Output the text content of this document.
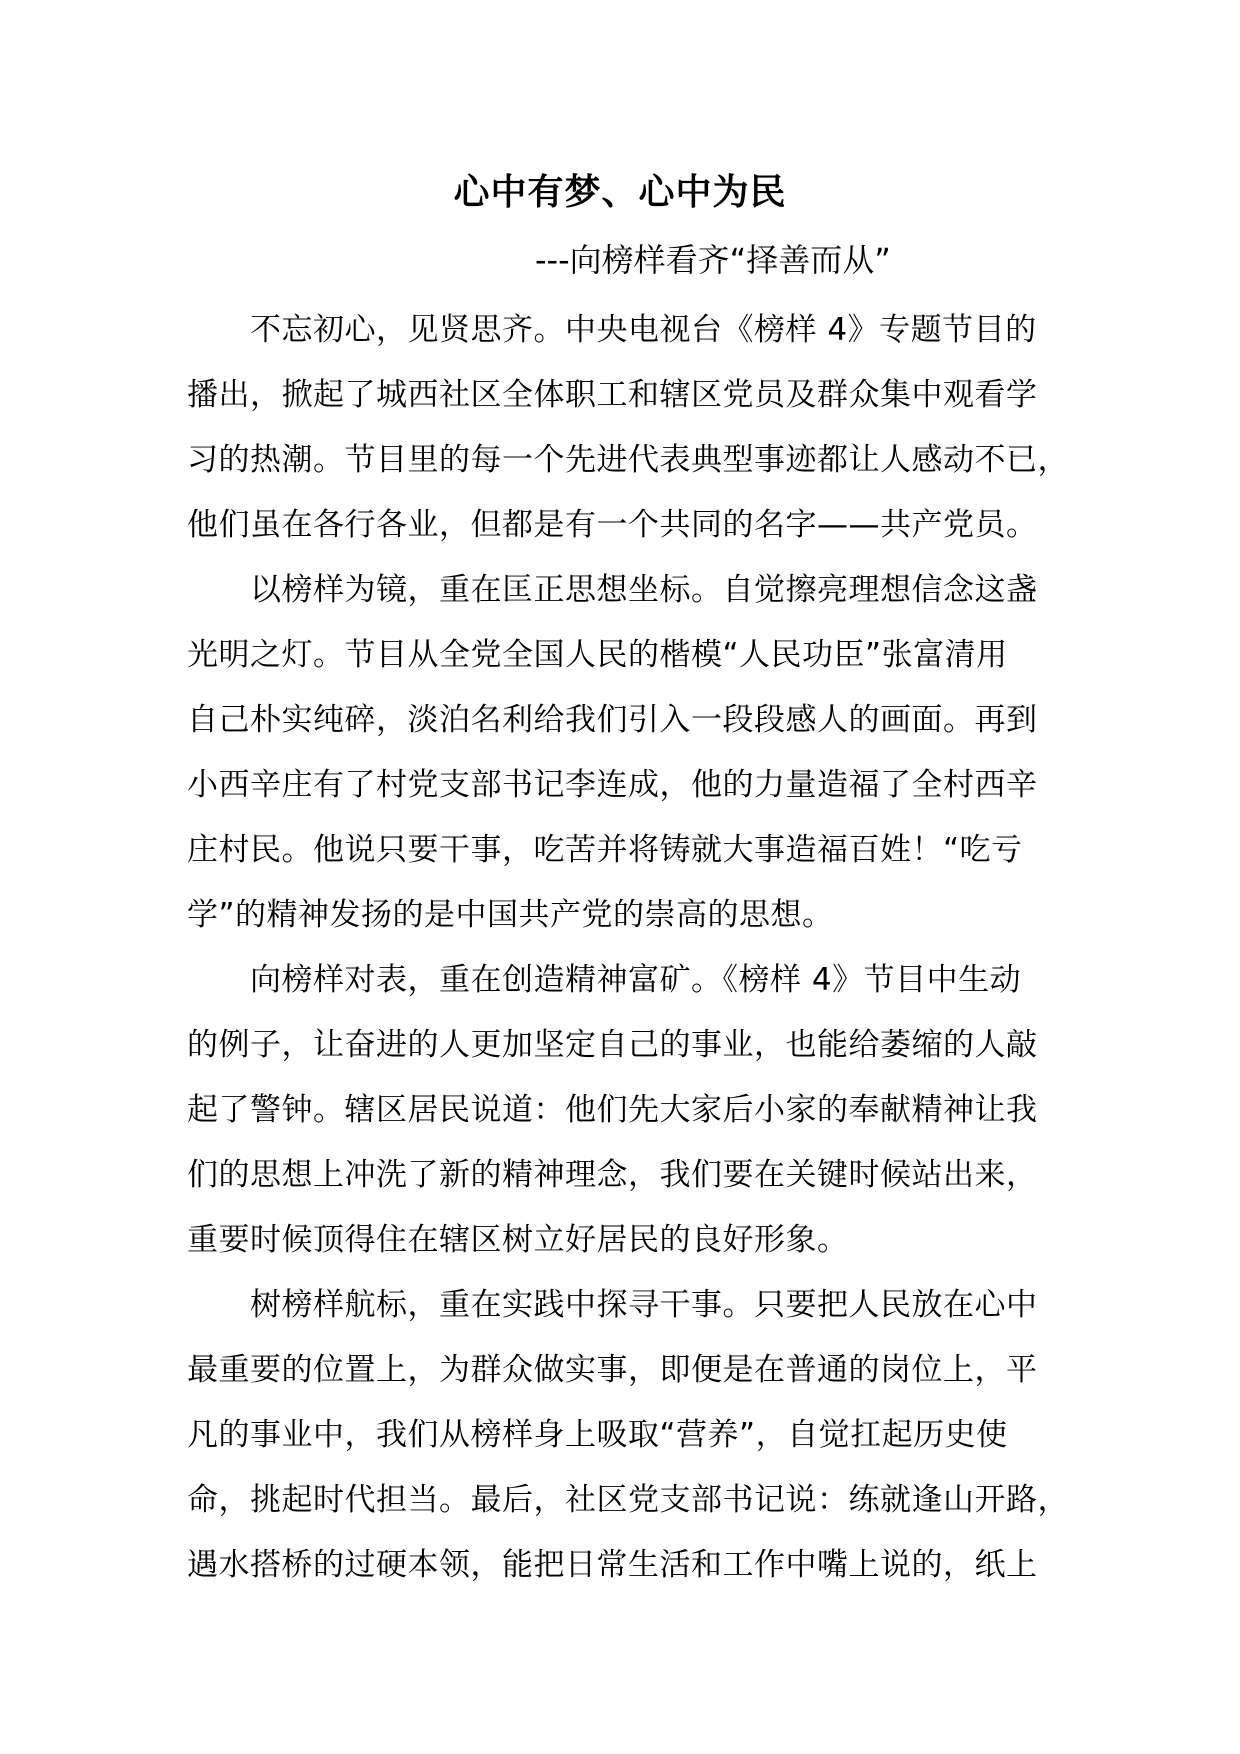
心中有梦、心中为民
---向榜样看齐“择善而从”
不忘初心，见贤思齐。中央电视台《榜样 4》专题节目的
播出，掀起了城西社区全体职工和辖区党员及群众集中观看学
习的热潮。节目里的每一个先进代表典型事迹都让人感动不已，
他们虽在各行各业，但都是有一个共同的名字——共产党员。
以榜样为镜，重在匡正思想坐标。自觉擦亮理想信念这盏
光明之灯。节目从全党全国人民的楷模“人民功臣”张富清用
自己朴实纯碎，淡泊名利给我们引入一段段感人的画面。再到
小西辛庄有了村党支部书记李连成，他的力量造福了全村西辛
庄村民。他说只要干事，吃苦并将铸就大事造福百姓！“吃亏
学”的精神发扬的是中国共产党的崇高的思想。
向榜样对表，重在创造精神富矿。《榜样 4》节目中生动
的例子，让奋进的人更加坚定自己的事业，也能给萎缩的人敲
起了警钟。辖区居民说道：他们先大家后小家的奉献精神让我
们的思想上冲洗了新的精神理念，我们要在关键时候站出来，
重要时候顶得住在辖区树立好居民的良好形象。
树榜样航标，重在实践中探寻干事。只要把人民放在心中
最重要的位置上，为群众做实事，即便是在普通的岗位上，平
凡的事业中，我们从榜样身上吸取“营养”，自觉扛起历史使
命，挑起时代担当。最后，社区党支部书记说：练就逢山开路，
遇水搭桥的过硬本领，能把日常生活和工作中嘴上说的，纸上
